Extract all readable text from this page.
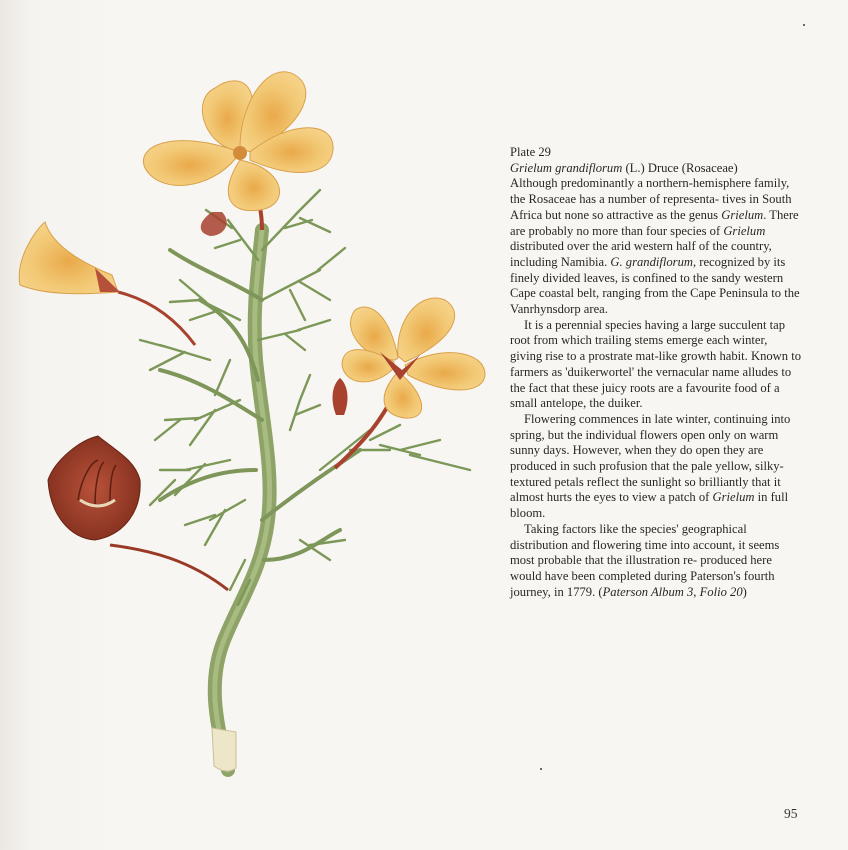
Plate 29

Grielum grandiflorum (L.) Druce (Rosaceae)

Although predominantly a northern-hemisphere family, the Rosaceae has a number of representa- tives in South Africa but none so attractive as the genus Grielum. There are probably no more than four species of Grielum distributed over the arid western half of the country, including Namibia. G. grandiflorum, recognized by its finely divided leaves, is confined to the sandy western Cape coastal belt, ranging from the Cape Peninsula to the Vanrhynsdorp area.

It is a perennial species having a large succulent tap root from which trailing stems emerge each winter, giving rise to a prostrate mat-like growth habit. Known to farmers as 'duikerwortel' the vernacular name alludes to the fact that these juicy roots are a favourite food of a small antelope, the duiker.

Flowering commences in late winter, continuing into spring, but the individual flowers open only on warm sunny days. However, when they do open they are produced in such profusion that the pale yellow, silky-textured petals reflect the sunlight so brilliantly that it almost hurts the eyes to view a patch of Grielum in full bloom.

Taking factors like the species' geographical distribution and flowering time into account, it seems most probable that the illustration re- produced here would have been completed during Paterson's fourth journey, in 1779. (Paterson Album 3, Folio 20)

95
